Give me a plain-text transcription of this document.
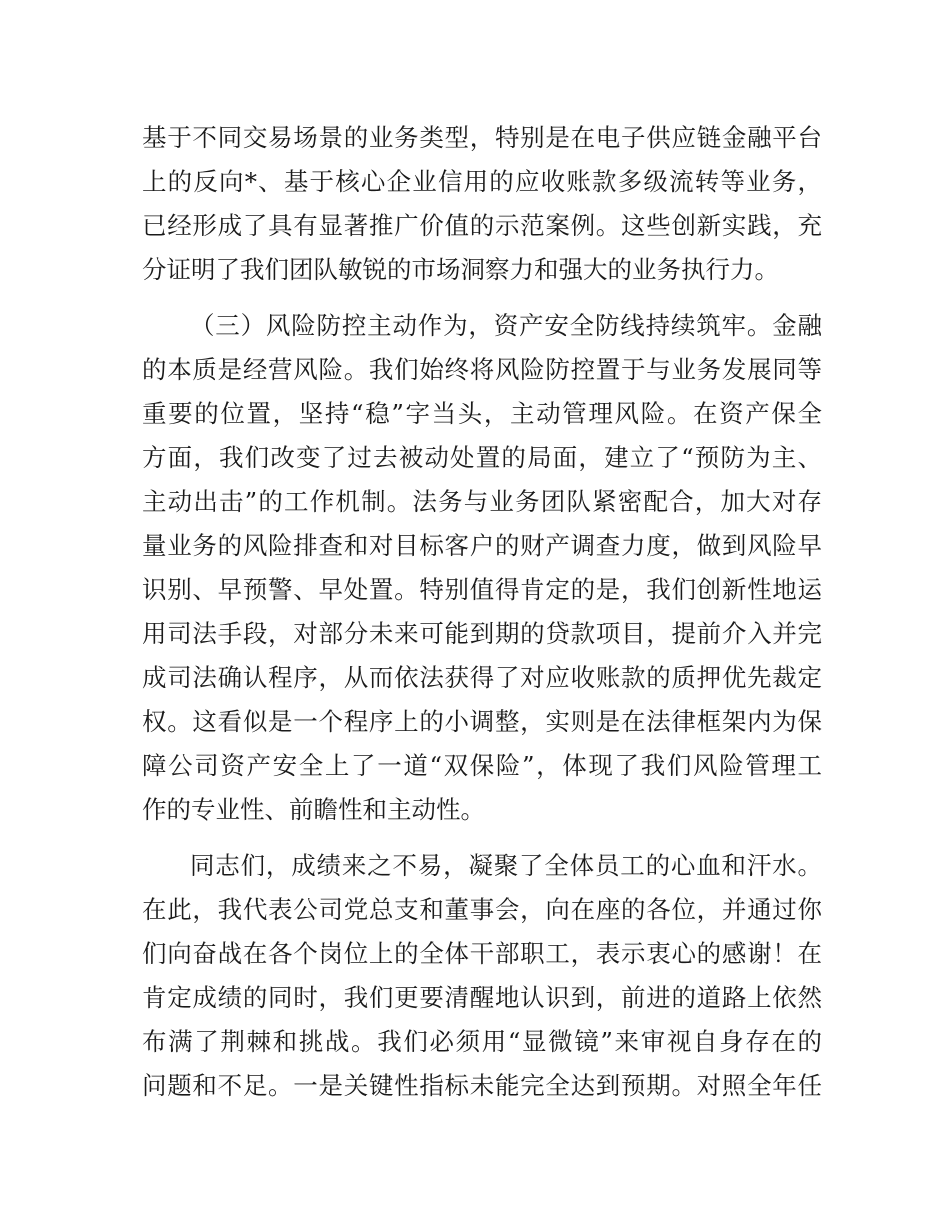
基于不同交易场景的业务类型，特别是在电子供应链金融平台
上的反向*、基于核心企业信用的应收账款多级流转等业务，
已经形成了具有显著推广价值的示范案例。这些创新实践，充
分证明了我们团队敏锐的市场洞察力和强大的业务执行力。
（三）风险防控主动作为，资产安全防线持续筑牢。金融
的本质是经营风险。我们始终将风险防控置于与业务发展同等
重要的位置，坚持“稳”字当头，主动管理风险。在资产保全
方面，我们改变了过去被动处置的局面，建立了“预防为主、
主动出击”的工作机制。法务与业务团队紧密配合，加大对存
量业务的风险排查和对目标客户的财产调查力度，做到风险早
识别、早预警、早处置。特别值得肯定的是，我们创新性地运
用司法手段，对部分未来可能到期的贷款项目，提前介入并完
成司法确认程序，从而依法获得了对应收账款的质押优先裁定
权。这看似是一个程序上的小调整，实则是在法律框架内为保
障公司资产安全上了一道“双保险”，体现了我们风险管理工
作的专业性、前瞻性和主动性。
同志们，成绩来之不易，凝聚了全体员工的心血和汗水。
在此，我代表公司党总支和董事会，向在座的各位，并通过你
们向奋战在各个岗位上的全体干部职工，表示衷心的感谢！在
肯定成绩的同时，我们更要清醒地认识到，前进的道路上依然
布满了荆棘和挑战。我们必须用“显微镜”来审视自身存在的
问题和不足。一是关键性指标未能完全达到预期。对照全年任
